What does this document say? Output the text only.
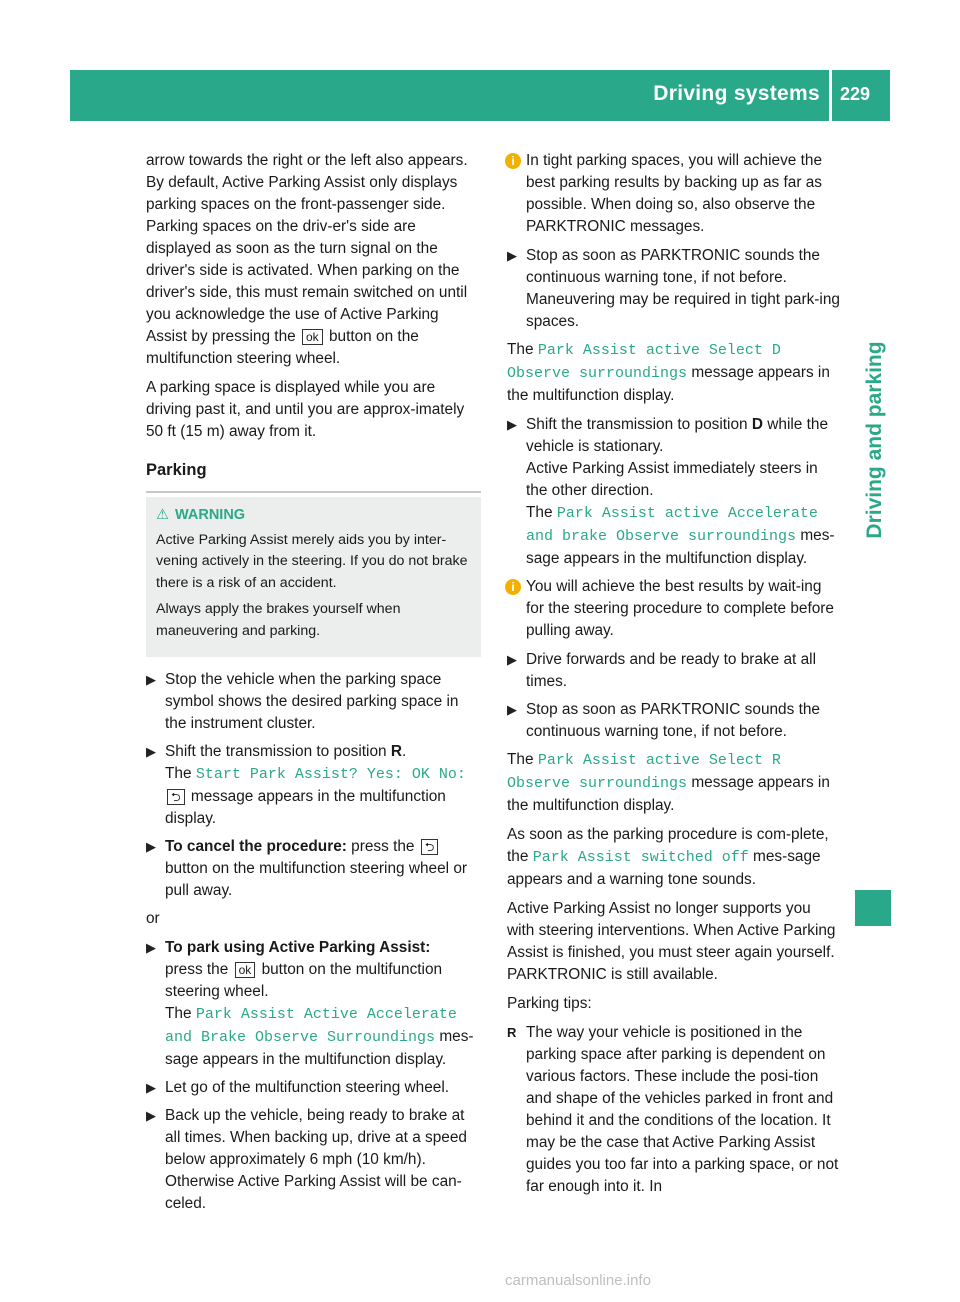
Driving systems 229
Driving and parking

arrow towards the right or the left also appears. By default, Active Parking Assist only displays parking spaces on the front-passenger side. Parking spaces on the driv-er's side are displayed as soon as the turn signal on the driver's side is activated. When parking on the driver's side, this must remain switched on until you acknowledge the use of Active Parking Assist by pressing the ok button on the multifunction steering wheel.

A parking space is displayed while you are driving past it, and until you are approx-imately 50 ft (15 m) away from it.

Parking
⚠ WARNING

Active Parking Assist merely aids you by inter-vening actively in the steering. If you do not brake there is a risk of an accident.

Always apply the brakes yourself when maneuvering and parking.

▶ Stop the vehicle when the parking space symbol shows the desired parking space in the instrument cluster.
▶ Shift the transmission to position R.
The Start Park Assist? Yes: OK No:
⮌ message appears in the multifunction display.
▶ To cancel the procedure: press the ⮌ button on the multifunction steering wheel or pull away.

or

▶ To park using Active Parking Assist:
press the ok button on the multifunction steering wheel.
The Park Assist Active Accelerate
and Brake Observe Surroundings mes-sage appears in the multifunction display.
▶ Let go of the multifunction steering wheel.
▶ Back up the vehicle, being ready to brake at all times. When backing up, drive at a speed below approximately 6 mph (10 km/h). Otherwise Active Parking Assist will be can-celed.
i In tight parking spaces, you will achieve the best parking results by backing up as far as possible. When doing so, also observe the PARKTRONIC messages.
▶ Stop as soon as PARKTRONIC sounds the continuous warning tone, if not before. Maneuvering may be required in tight park-ing spaces.

The Park Assist active Select D
Observe surroundings message appears in the multifunction display.

▶ Shift the transmission to position D while the vehicle is stationary.
Active Parking Assist immediately steers in the other direction.
The Park Assist active Accelerate
and brake Observe surroundings mes-sage appears in the multifunction display.
i You will achieve the best results by wait-ing for the steering procedure to complete before pulling away.
▶ Drive forwards and be ready to brake at all times.
▶ Stop as soon as PARKTRONIC sounds the continuous warning tone, if not before.

The Park Assist active Select R
Observe surroundings message appears in the multifunction display.

As soon as the parking procedure is com-plete, the Park Assist switched off mes-sage appears and a warning tone sounds.

Active Parking Assist no longer supports you with steering interventions. When Active Parking Assist is finished, you must steer again yourself. PARKTRONIC is still available.

Parking tips:

R The way your vehicle is positioned in the parking space after parking is dependent on various factors. These include the posi-tion and shape of the vehicles parked in front and behind it and the conditions of the location. It may be the case that Active Parking Assist guides you too far into a parking space, or not far enough into it. In
carmanualsonline.info
